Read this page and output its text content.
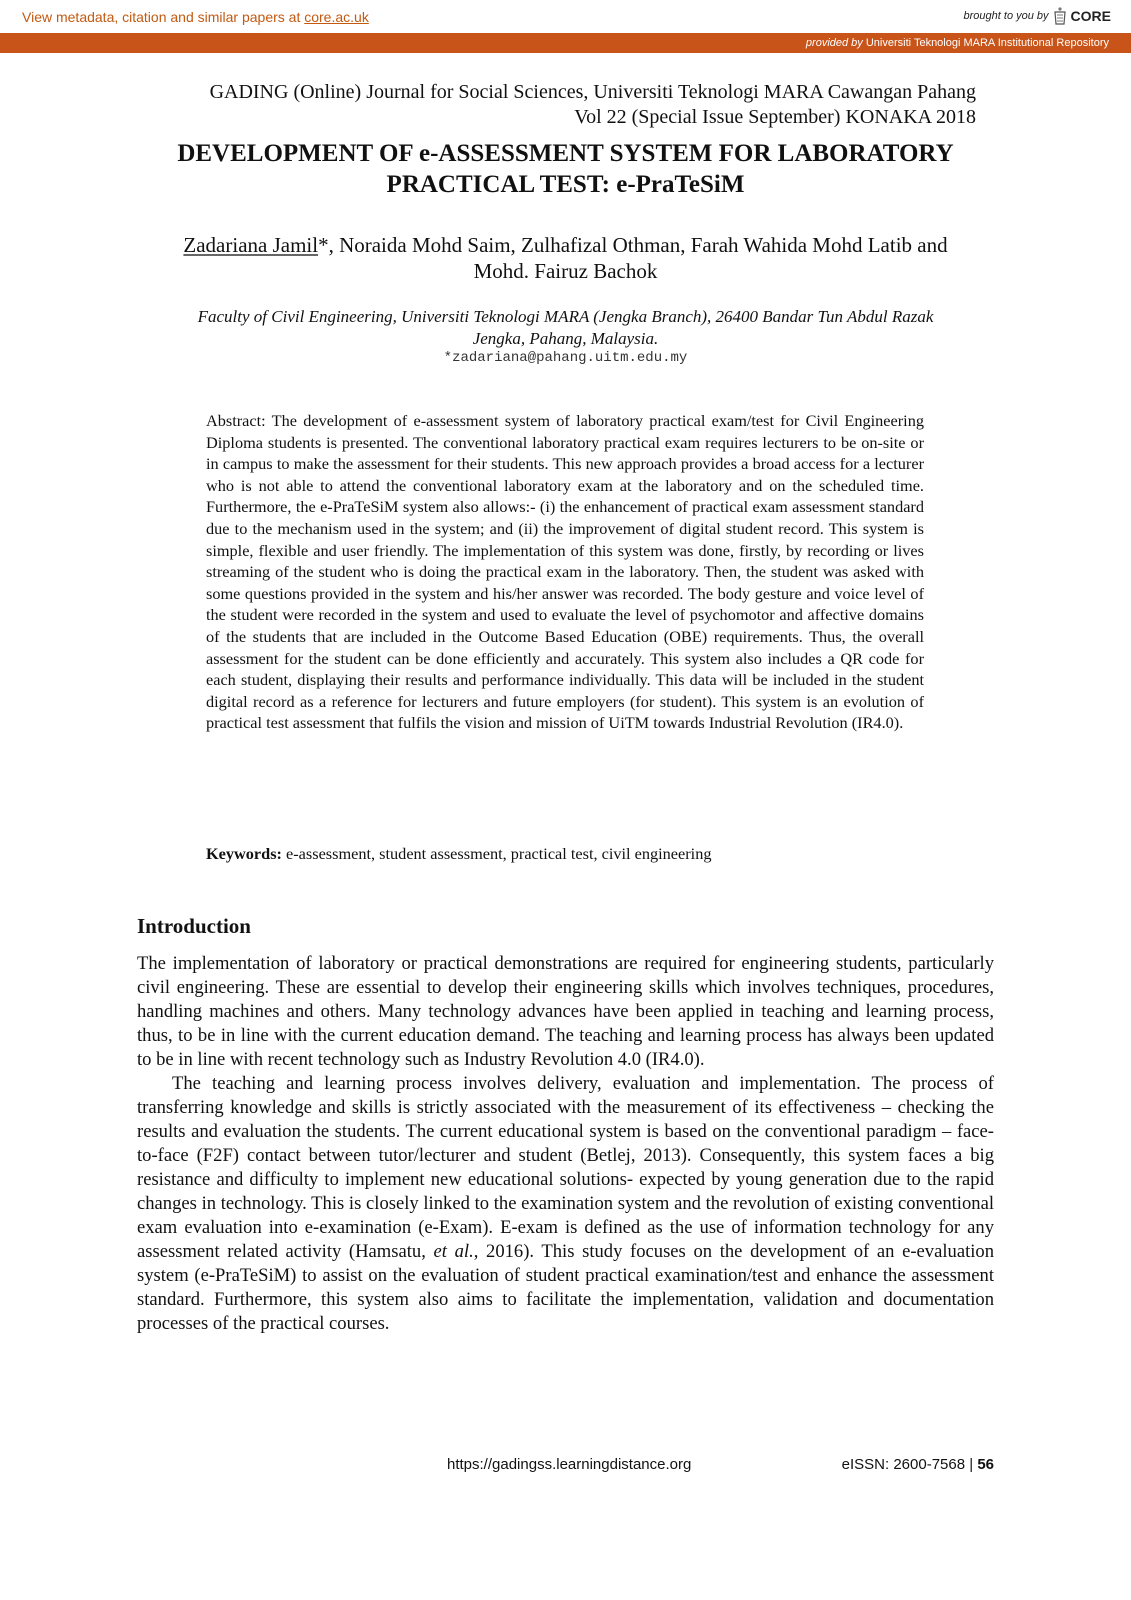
View metadata, citation and similar papers at core.ac.uk	brought to you by CORE
provided by Universiti Teknologi MARA Institutional Repository
GADING (Online) Journal for Social Sciences, Universiti Teknologi MARA Cawangan Pahang
Vol 22 (Special Issue September) KONAKA 2018
DEVELOPMENT OF e-ASSESSMENT SYSTEM FOR LABORATORY
PRACTICAL TEST: e-PraTeSiM
Zadariana Jamil*, Noraida Mohd Saim, Zulhafizal Othman, Farah Wahida Mohd Latib and
Mohd. Fairuz Bachok
Faculty of Civil Engineering, Universiti Teknologi MARA (Jengka Branch), 26400 Bandar Tun Abdul Razak
Jengka, Pahang, Malaysia.
*zadariana@pahang.uitm.edu.my
Abstract: The development of e-assessment system of laboratory practical exam/test for Civil Engineering Diploma students is presented. The conventional laboratory practical exam requires lecturers to be on-site or in campus to make the assessment for their students. This new approach provides a broad access for a lecturer who is not able to attend the conventional laboratory exam at the laboratory and on the scheduled time. Furthermore, the e-PraTeSiM system also allows:- (i) the enhancement of practical exam assessment standard due to the mechanism used in the system; and (ii) the improvement of digital student record. This system is simple, flexible and user friendly. The implementation of this system was done, firstly, by recording or lives streaming of the student who is doing the practical exam in the laboratory. Then, the student was asked with some questions provided in the system and his/her answer was recorded. The body gesture and voice level of the student were recorded in the system and used to evaluate the level of psychomotor and affective domains of the students that are included in the Outcome Based Education (OBE) requirements. Thus, the overall assessment for the student can be done efficiently and accurately. This system also includes a QR code for each student, displaying their results and performance individually. This data will be included in the student digital record as a reference for lecturers and future employers (for student). This system is an evolution of practical test assessment that fulfils the vision and mission of UiTM towards Industrial Revolution (IR4.0).
Keywords: e-assessment, student assessment, practical test, civil engineering
Introduction

The implementation of laboratory or practical demonstrations are required for engineering students, particularly civil engineering. These are essential to develop their engineering skills which involves techniques, procedures, handling machines and others. Many technology advances have been applied in teaching and learning process, thus, to be in line with the current education demand. The teaching and learning process has always been updated to be in line with recent technology such as Industry Revolution 4.0 (IR4.0).

The teaching and learning process involves delivery, evaluation and implementation. The process of transferring knowledge and skills is strictly associated with the measurement of its effectiveness – checking the results and evaluation the students. The current educational system is based on the conventional paradigm – face-to-face (F2F) contact between tutor/lecturer and student (Betlej, 2013). Consequently, this system faces a big resistance and difficulty to implement new educational solutions- expected by young generation due to the rapid changes in technology. This is closely linked to the examination system and the revolution of existing conventional exam evaluation into e-examination (e-Exam). E-exam is defined as the use of information technology for any assessment related activity (Hamsatu, et al., 2016). This study focuses on the development of an e-evaluation system (e-PraTeSiM) to assist on the evaluation of student practical examination/test and enhance the assessment standard. Furthermore, this system also aims to facilitate the implementation, validation and documentation processes of the practical courses.

https://gadingss.learningdistance.org	eISSN: 2600-7568 | 56
